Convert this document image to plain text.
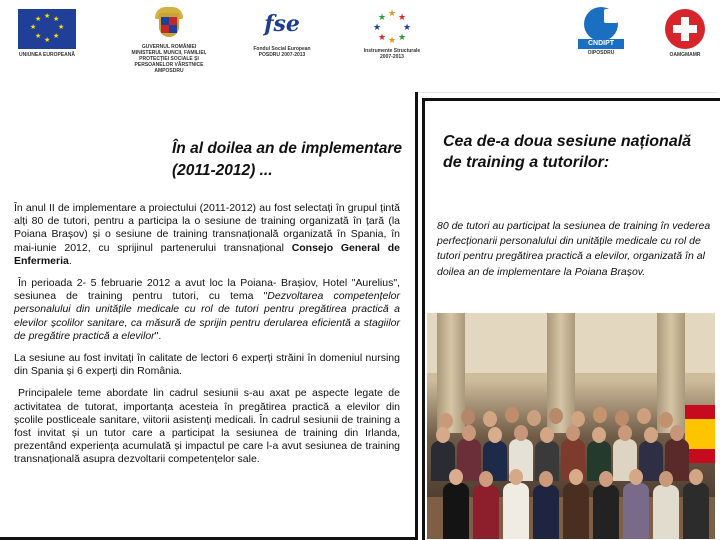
★ ★
★
★
★
★
★
★
UNIUNEA EUROPEANĂ
GUVERNUL ROMÂNIEI
MINISTERUL MUNCII, FAMILIEI,
PROTECȚIEI SOCIALE ȘI
PERSOANELOR VÂRSTNICE
AMPOSDRU
fse
Fondul Social European
POSDRU 2007-2013
★ ★
★
★
★
★
★
★
Instrumente Structurale
2007-2013
CNDIPT
OIPOSDRU	OAMGMAMR
În al doilea an de implementare (2011-2012) ...

În anul II de implementare a proiectului (2011-2012) au fost selectați în grupul țintă alți 80 de tutori, pentru a participa la o sesiune de training organizată în țară (la Poiana Brașov) și o sesiune de training transnațională organizată în Spania, în mai-iunie 2012, cu sprijinul partenerului transnațional Consejo General de Enfermeria.

În perioada 2- 5 februarie 2012 a avut loc la Poiana- Brașiov, Hotel "Aurelius", sesiunea de training pentru tutori, cu tema "Dezvoltarea competențelor personalului din unitățile medicale cu rol de tutori pentru pregătirea practică a elevilor școlilor sanitare, ca măsură de sprijin pentru derularea eficientă a stagiilor de pregătire practică a elevilor".

La sesiune au fost invitați în calitate de lectori 6 experți străini în domeniul nursing din Spania și 6 experți din România.

Principalele teme abordate lin cadrul sesiunii s-au axat pe aspecte legate de activitatea de tutorat, importanța acesteia în pregătirea practică a elevilor din școlile postliceale sanitare, viitorii asistenți medicali. În cadrul sesiunii de training a fost invitat și un tutor care a participat la sesiunea de training din Irlanda, prezentând experiența acumulată și impactul pe care l-a avut sesiunea de training transnațională asupra dezvoltarii competențelor sale.

Cea de-a doua sesiune națională de training a tutorilor:
80 de tutori au participat la sesiunea de training în vederea perfecționarii personalului din unitățile medicale cu rol de tutori pentru pregătirea practică a elevilor, organizată în al doilea an de implementare la Poiana Brașov.
